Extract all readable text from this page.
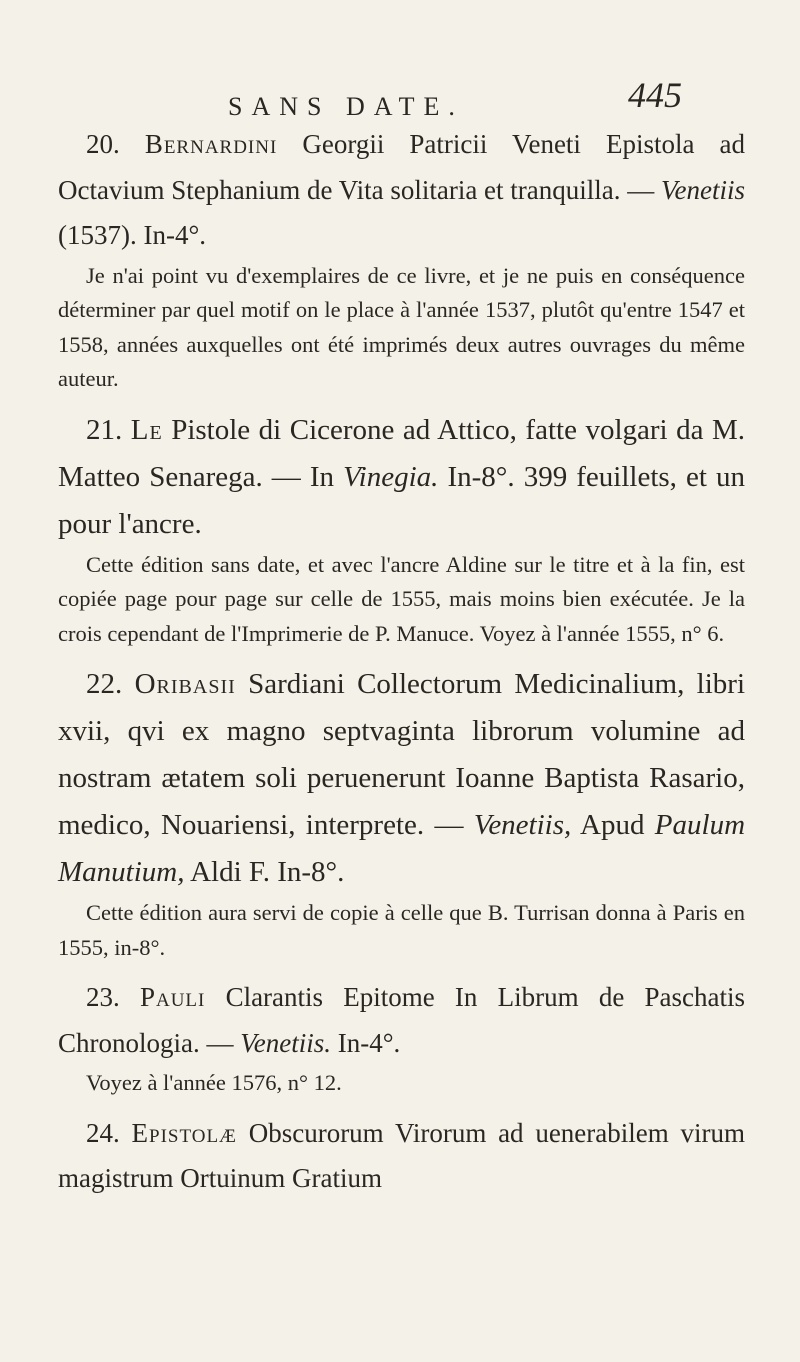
SANS DATE.	445

20. Bernardini Georgii Patricii Veneti Epistola ad Octavium Stephanium de Vita solitaria et tranquilla. — Venetiis (1537). In-4°.

Je n'ai point vu d'exemplaires de ce livre, et je ne puis en conséquence déterminer par quel motif on le place à l'année 1537, plutôt qu'entre 1547 et 1558, années auxquelles ont été imprimés deux autres ouvrages du même auteur.

21. Le Pistole di Cicerone ad Attico, fatte volgari da M. Matteo Senarega. — In Vinegia. In-8°. 399 feuillets, et un pour l'ancre.

Cette édition sans date, et avec l'ancre Aldine sur le titre et à la fin, est copiée page pour page sur celle de 1555, mais moins bien exécutée. Je la crois cependant de l'Imprimerie de P. Manuce. Voyez à l'année 1555, n° 6.

22. Oribasii Sardiani Collectorum Medicinalium, libri xvii, qvi ex magno septvaginta librorum volumine ad nostram ætatem soli peruenerunt Ioanne Baptista Rasario, medico, Nouariensi, interprete. — Venetiis, Apud Paulum Manutium, Aldi F. In-8°.

Cette édition aura servi de copie à celle que B. Turrisan donna à Paris en 1555, in-8°.

23. Pauli Clarantis Epitome In Librum de Paschatis Chronologia. — Venetiis. In-4°.

Voyez à l'année 1576, n° 12.

24. Epistolæ Obscurorum Virorum ad uenerabilem virum magistrum Ortuinum Gratium
